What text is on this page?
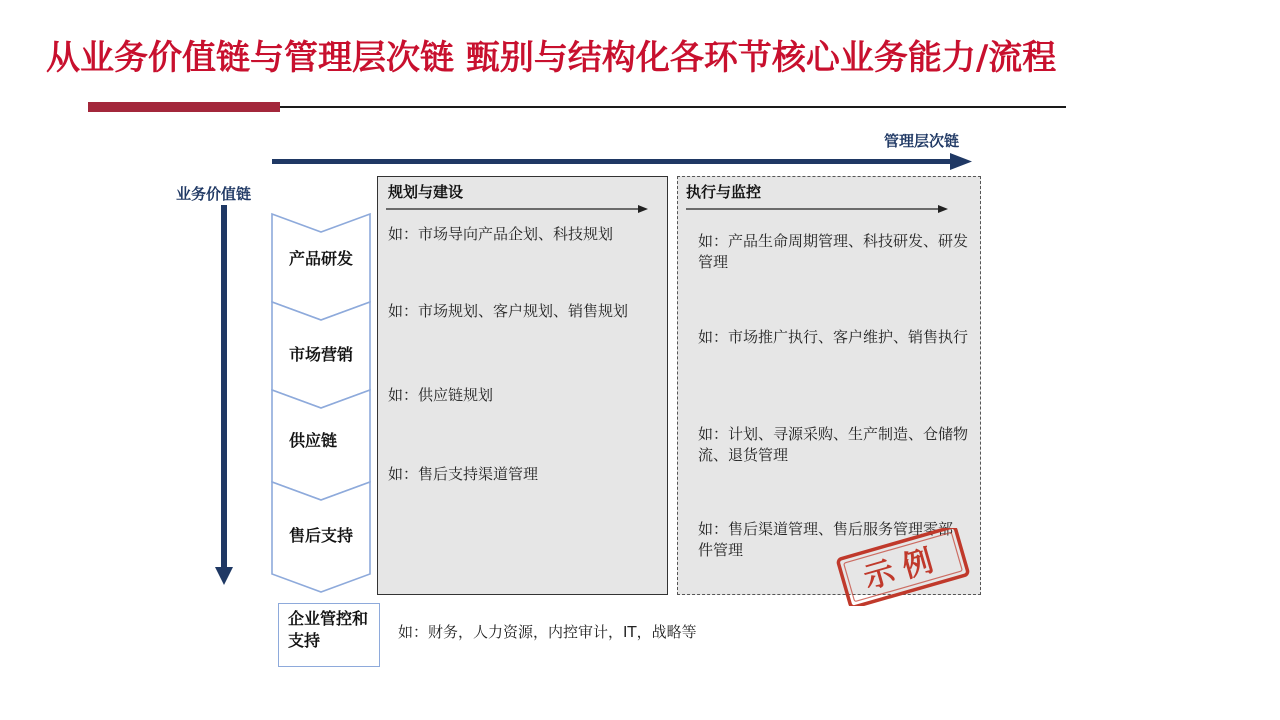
从业务价值链与管理层次链 甄别与结构化各环节核心业务能力/流程
管理层次链
业务价值链
产品研发
市场营销
供应链
售后支持
规划与建设
如：市场导向产品企划、科技规划
如：市场规划、客户规划、销售规划
如：供应链规划
如：售后支持渠道管理
执行与监控
如：产品生命周期管理、科技研发、研发管理
如：市场推广执行、客户维护、销售执行
如：计划、寻源采购、生产制造、仓储物流、退货管理
如：售后渠道管理、售后服务管理零部件管理	示例
企业管控和支持	如：财务，人力资源，内控审计，IT，战略等
